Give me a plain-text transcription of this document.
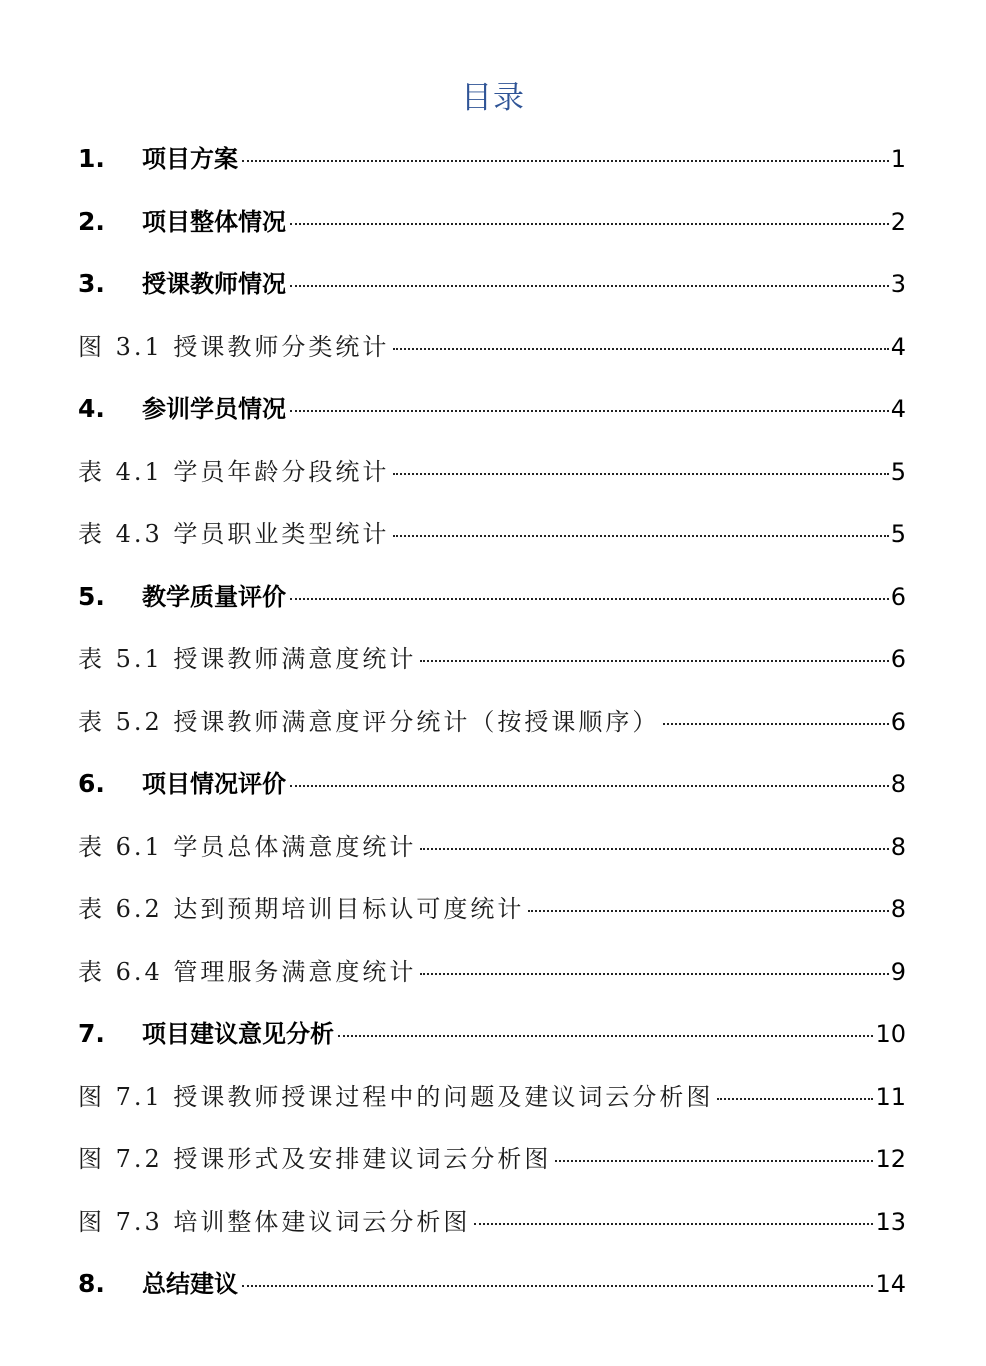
目录
1.	项目方案	1
2.	项目整体情况	2
3.	授课教师情况	3
图 3.1 授课教师分类统计	4
4.	参训学员情况	4
表 4.1 学员年龄分段统计	5
表 4.3 学员职业类型统计	5
5.	教学质量评价	6
表 5.1 授课教师满意度统计	6
表 5.2 授课教师满意度评分统计（按授课顺序）	6
6.	项目情况评价	8
表 6.1 学员总体满意度统计	8
表 6.2 达到预期培训目标认可度统计	8
表 6.4 管理服务满意度统计	9
7.	项目建议意见分析	10
图 7.1 授课教师授课过程中的问题及建议词云分析图	11
图 7.2 授课形式及安排建议词云分析图	12
图 7.3 培训整体建议词云分析图	13
8.	总结建议	14
